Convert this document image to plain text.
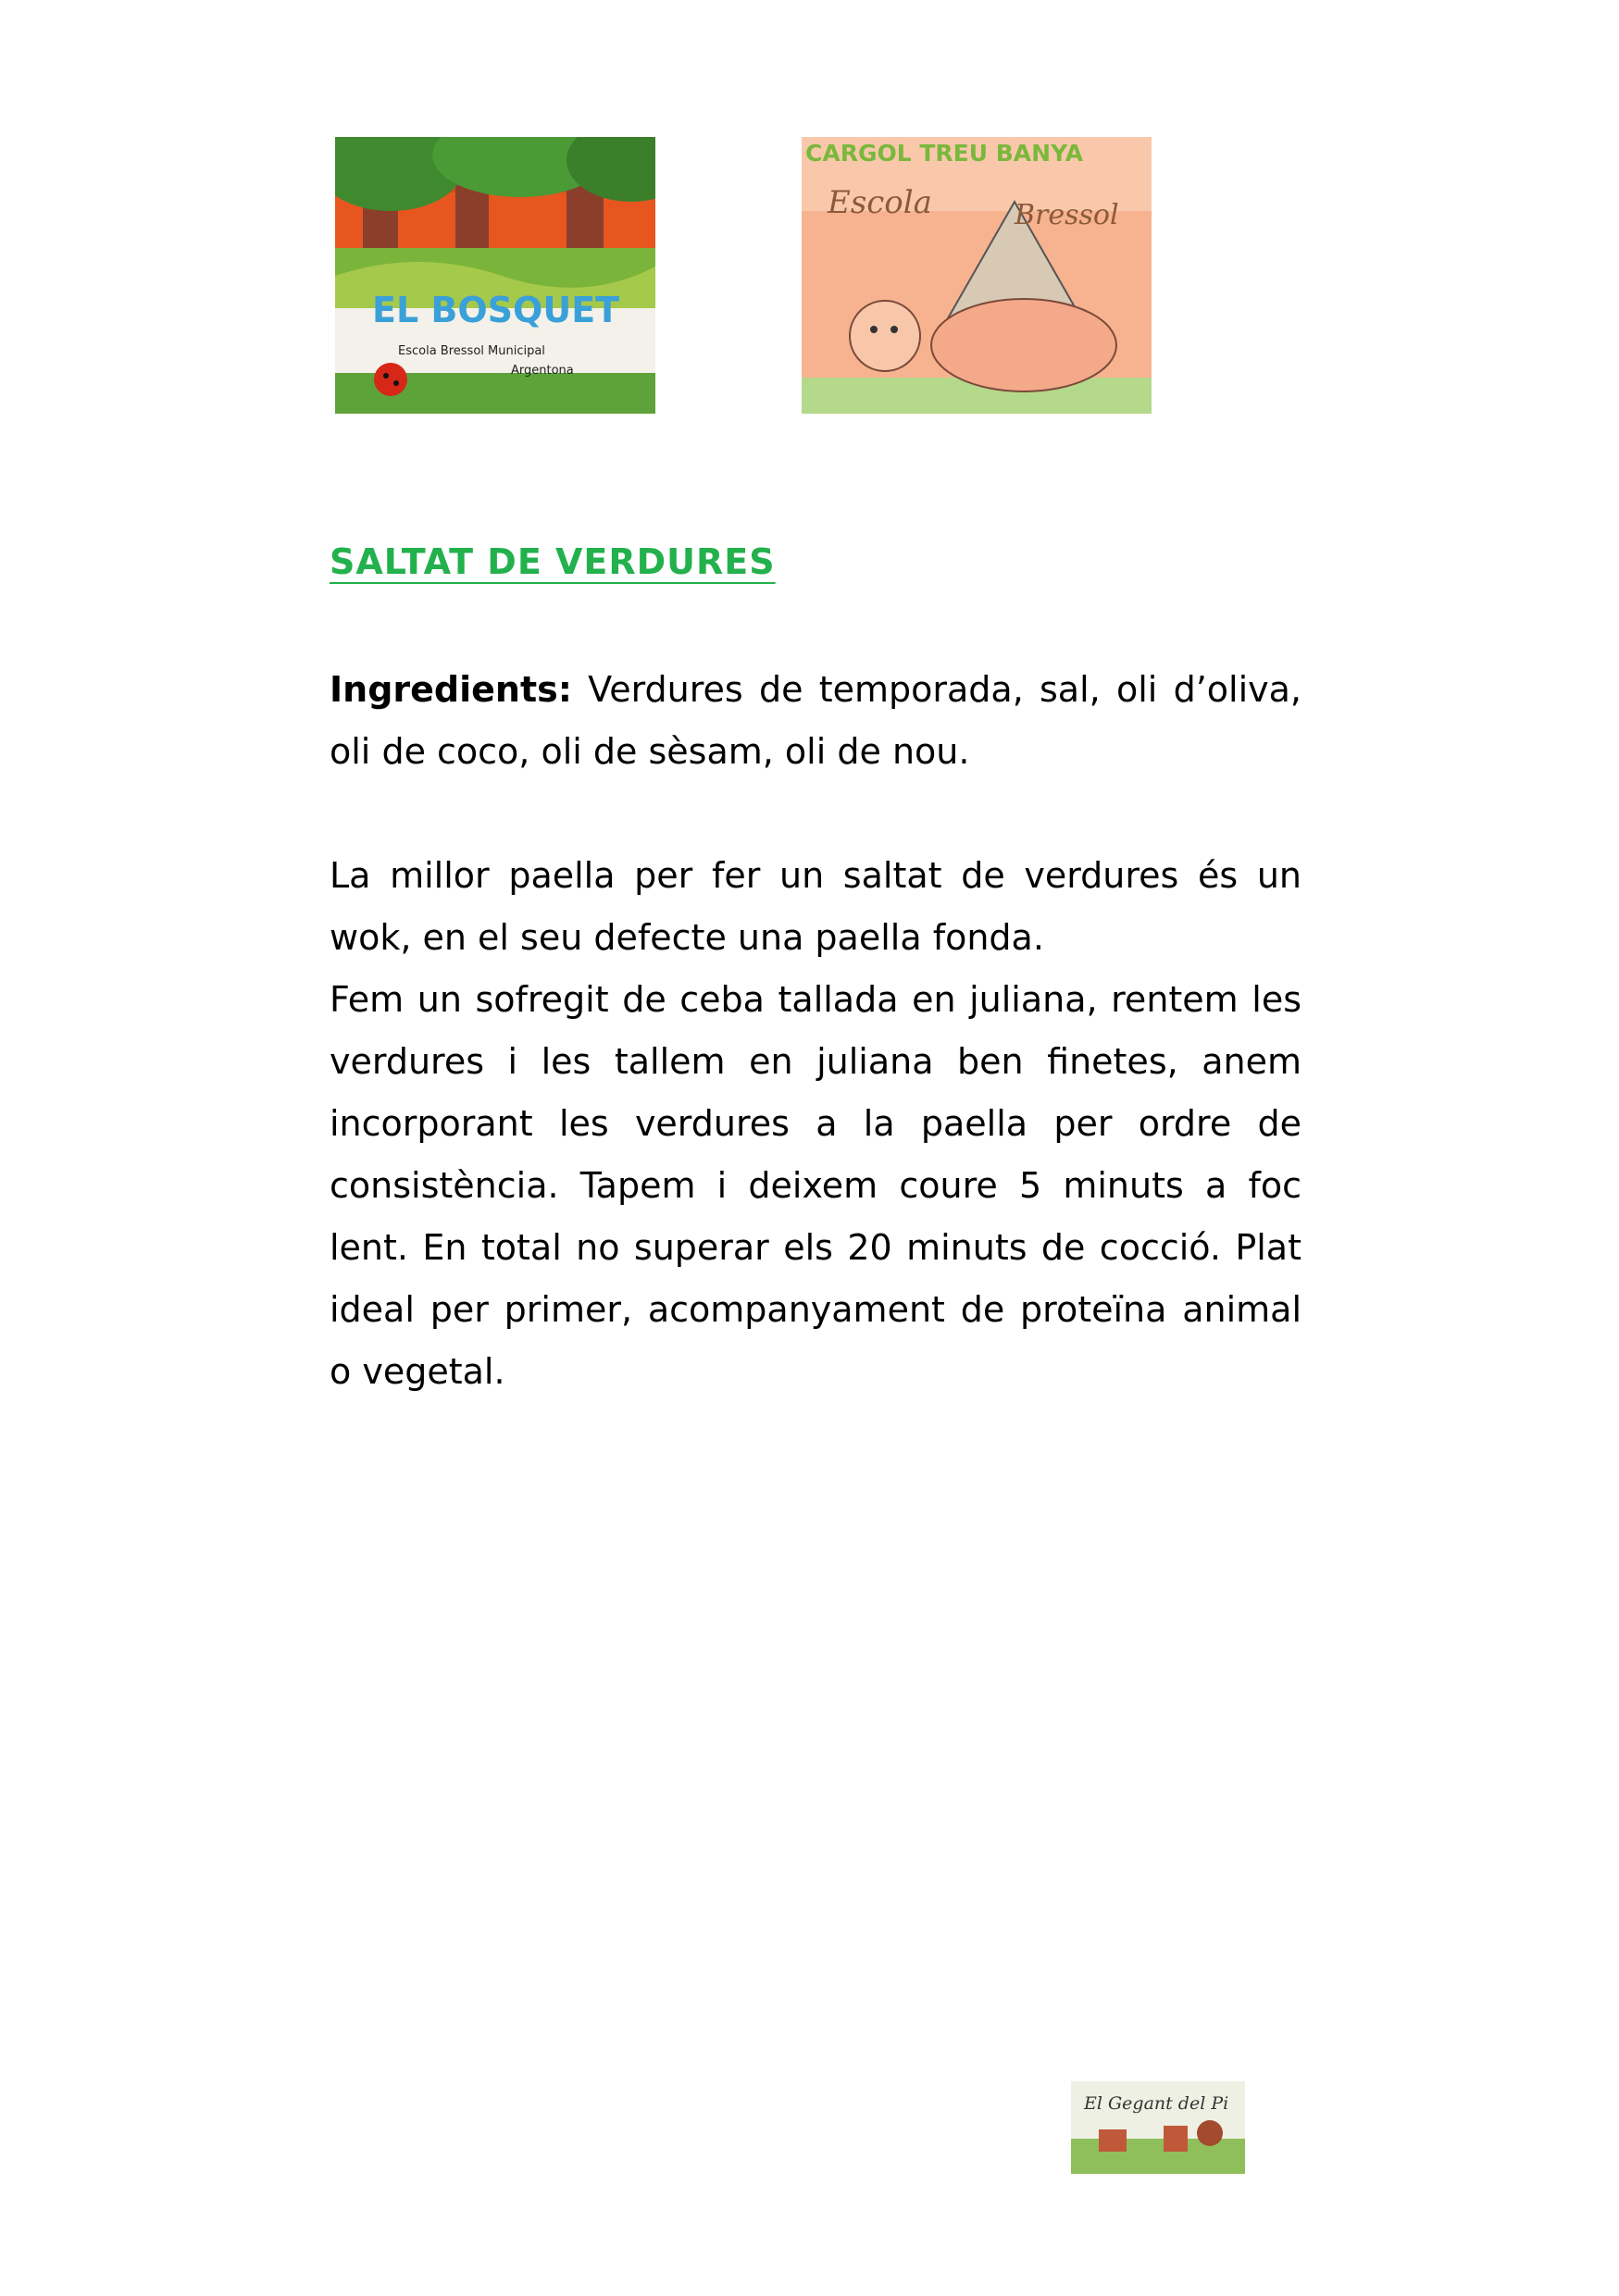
EL BOSQUET
Escola Bressol Municipal
Argentona
CARGOL TREU BANYA
Escola	Bressol
SALTAT DE VERDURES
Ingredients: Verdures de temporada, sal, oli d’oliva, oli de coco, oli de sèsam, oli de nou.

La millor paella per fer un saltat de verdures és un wok, en el seu defecte una paella fonda.

Fem un sofregit de ceba tallada en juliana, rentem les verdures i les tallem en juliana ben finetes, anem incorporant les verdures a la paella per ordre de consistència. Tapem i deixem coure 5 minuts a foc lent. En total no superar els 20 minuts de cocció. Plat ideal per primer, acompanyament de proteïna animal o vegetal.

El Gegant del Pi
